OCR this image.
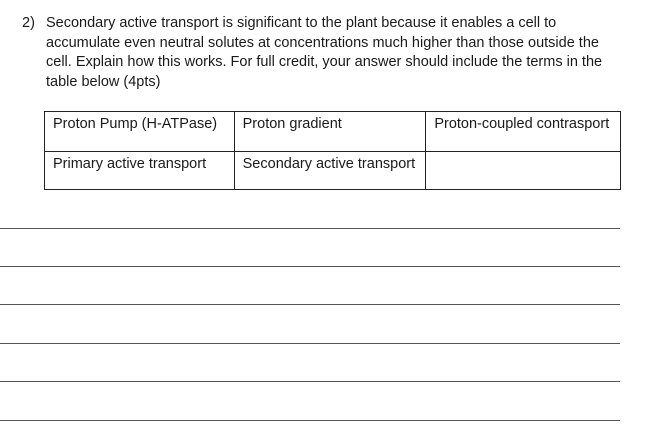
2) Secondary active transport is significant to the plant because it enables a cell to accumulate even neutral solutes at concentrations much higher than those outside the cell. Explain how this works. For full credit, your answer should include the terms in the table below (4pts)
Proton Pump (H-ATPase)	Proton gradient	Proton-coupled contrasport
Primary active transport	Secondary active transport	
